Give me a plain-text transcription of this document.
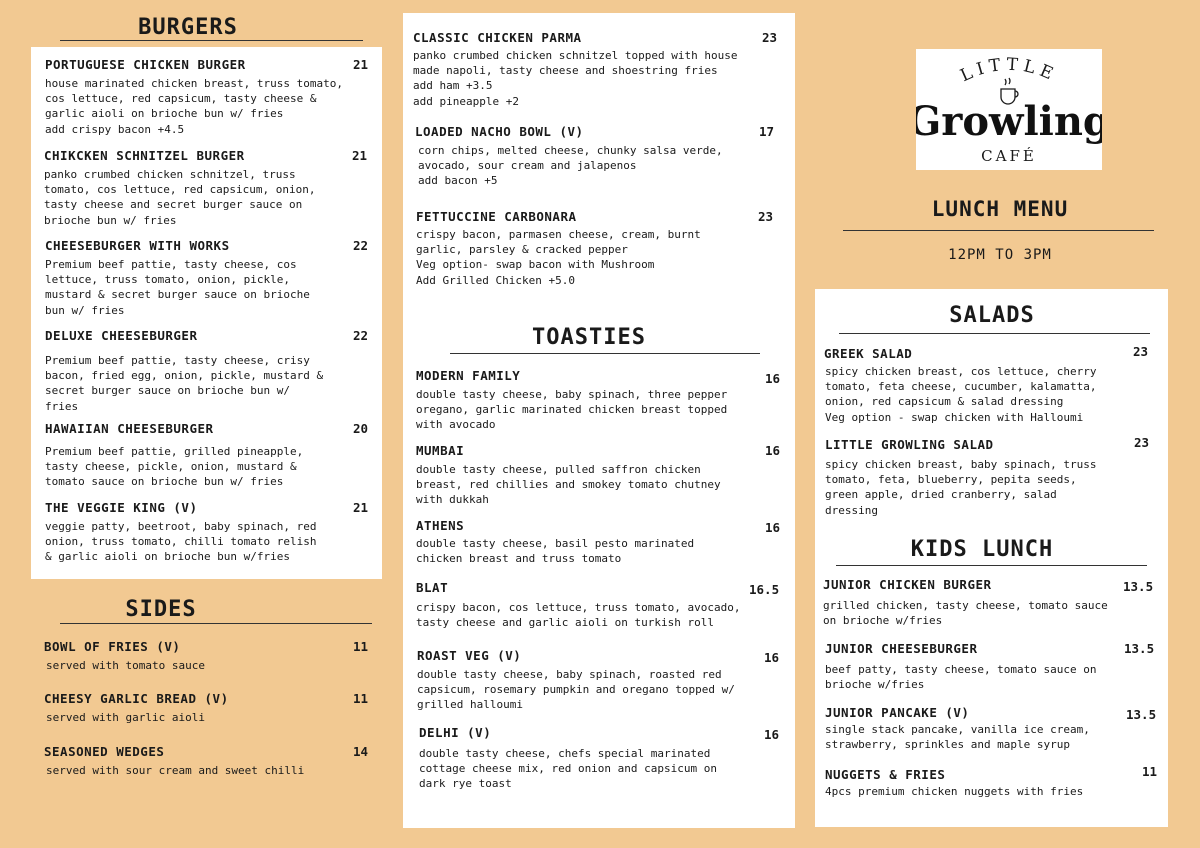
BURGERS
PORTUGUESE CHICKEN BURGER	21
house marinated chicken breast, truss tomato,
cos lettuce, red capsicum, tasty cheese &
garlic aioli on brioche bun w/ fries
add crispy bacon +4.5
CHIKCKEN SCHNITZEL BURGER	21
panko crumbed chicken schnitzel, truss
tomato, cos lettuce, red capsicum, onion,
tasty cheese and secret burger sauce on
brioche bun w/ fries
CHEESEBURGER WITH WORKS	22
Premium beef pattie, tasty cheese, cos
lettuce, truss tomato, onion, pickle,
mustard & secret burger sauce on brioche
bun w/ fries
DELUXE CHEESEBURGER	22
Premium beef pattie, tasty cheese, crisy
bacon, fried egg, onion, pickle, mustard &
secret burger sauce on brioche bun w/
fries
HAWAIIAN CHEESEBURGER	20
Premium beef pattie, grilled pineapple,
tasty cheese, pickle, onion, mustard &
tomato sauce on brioche bun w/ fries
THE VEGGIE KING (V)	21
veggie patty, beetroot, baby spinach, red
onion, truss tomato, chilli tomato relish
& garlic aioli on brioche bun w/fries
SIDES
BOWL OF FRIES (V)	11
served with tomato sauce
CHEESY GARLIC BREAD (V)	11
served with garlic aioli
SEASONED WEDGES	14
served with sour cream and sweet chilli
CLASSIC CHICKEN PARMA	23
panko crumbed chicken schnitzel topped with house
made napoli, tasty cheese and shoestring fries
add ham +3.5
add pineapple +2
LOADED NACHO BOWL (V)	17
corn chips, melted cheese, chunky salsa verde,
avocado, sour cream and jalapenos
add bacon +5
FETTUCCINE CARBONARA	23
crispy bacon, parmasen cheese, cream, burnt
garlic, parsley & cracked pepper
Veg option- swap bacon with Mushroom
Add Grilled Chicken +5.0
TOASTIES
MODERN FAMILY	16
double tasty cheese, baby spinach, three pepper
oregano, garlic marinated chicken breast topped
with avocado
MUMBAI	16
double tasty cheese, pulled saffron chicken
breast, red chillies and smokey tomato chutney
with dukkah
ATHENS	16
double tasty cheese, basil pesto marinated
chicken breast and truss tomato
BLAT	16.5
crispy bacon, cos lettuce, truss tomato, avocado,
tasty cheese and garlic aioli on turkish roll
ROAST VEG (V)	16
double tasty cheese, baby spinach, roasted red
capsicum, rosemary pumpkin and oregano topped w/
grilled halloumi
DELHI (V)	16
double tasty cheese, chefs special marinated
cottage cheese mix, red onion and capsicum on
dark rye toast
LITTLE
Growling
CAFÉ
LUNCH MENU
12PM TO 3PM
SALADS
GREEK SALAD	23
spicy chicken breast, cos lettuce, cherry
tomato, feta cheese, cucumber, kalamatta,
onion, red capsicum & salad dressing
Veg option - swap chicken with Halloumi
LITTLE GROWLING SALAD	23
spicy chicken breast, baby spinach, truss
tomato, feta, blueberry, pepita seeds,
green apple, dried cranberry, salad
dressing
KIDS LUNCH
JUNIOR CHICKEN BURGER	13.5
grilled chicken, tasty cheese, tomato sauce
on brioche w/fries
JUNIOR CHEESEBURGER	13.5
beef patty, tasty cheese, tomato sauce on
brioche w/fries
JUNIOR PANCAKE (V)	13.5
single stack pancake, vanilla ice cream,
strawberry, sprinkles and maple syrup
NUGGETS & FRIES	11
4pcs premium chicken nuggets with fries
